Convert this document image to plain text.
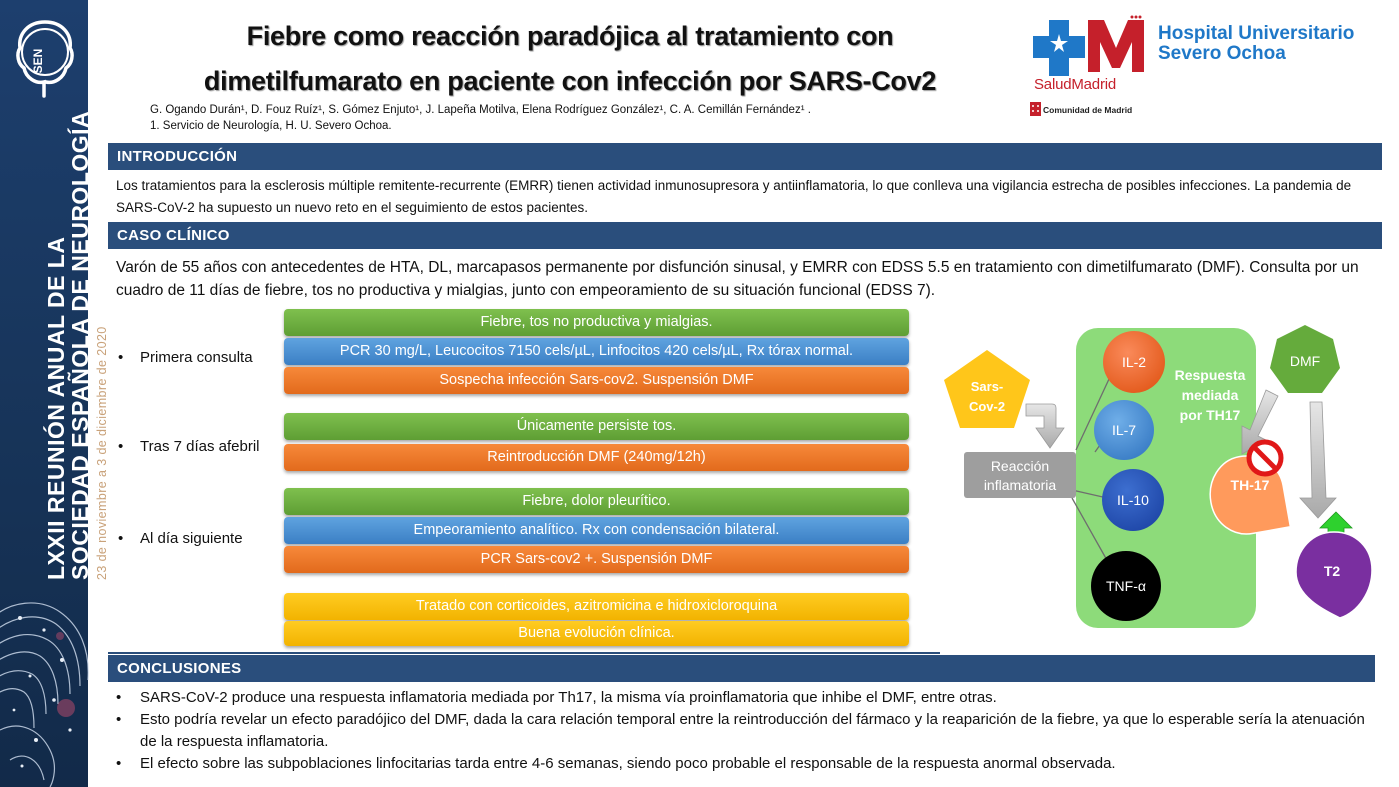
SEN
LXXII REUNIÓN ANUAL DE LA
SOCIEDAD ESPAÑOLA DE NEUROLOGÍA 23 de noviembre a 3 de diciembre de 2020
Fiebre como reacción paradójica al tratamiento con
dimetilfumarato en paciente con infección por SARS-Cov2
G. Ogando Durán¹, D. Fouz Ruíz¹, S. Gómez Enjuto¹, J. Lapeña Motilva, Elena Rodríguez González¹, C. A. Cemillán Fernández¹ .
1. Servicio de Neurología, H. U. Severo Ochoa.
Hospital Universitario
Severo Ochoa
SaludMadrid
Comunidad de Madrid
INTRODUCCIÓN
Los tratamientos para la esclerosis múltiple remitente-recurrente (EMRR) tienen actividad inmunosupresora y antiinflamatoria, lo que conlleva una vigilancia estrecha de posibles infecciones. La pandemia de SARS-CoV-2 ha supuesto un nuevo reto en el seguimiento de estos pacientes.
CASO CLÍNICO
Varón de 55 años con antecedentes de HTA, DL, marcapasos permanente por disfunción sinusal, y EMRR con EDSS 5.5 en tratamiento con dimetilfumarato (DMF). Consulta por un cuadro de 11 días de fiebre, tos no productiva y mialgias, junto con empeoramiento de su situación funcional (EDSS 7).
• Primera consulta
• Tras 7 días afebril
• Al día siguiente
Fiebre, tos no productiva y mialgias.
PCR 30 mg/L, Leucocitos 7150 cels/µL, Linfocitos 420 cels/µL, Rx tórax normal.
Sospecha infección Sars-cov2. Suspensión DMF
Únicamente persiste tos.
Reintroducción DMF (240mg/12h)
Fiebre, dolor pleurítico.
Empeoramiento analítico. Rx con condensación bilateral.
PCR Sars-cov2 +. Suspensión DMF
Tratado con corticoides, azitromicina e hidroxicloroquina
Buena evolución clínica.
IL-2
IL-7
IL-10
TNF-α
Respuesta
mediada
por TH17
Sars-
Cov-2
Reacción
inflamatoria
DMF
TH-17
T2
CONCLUSIONES
• SARS-CoV-2 produce una respuesta inflamatoria mediada por Th17, la misma vía proinflamatoria que inhibe el DMF, entre otras.
• Esto podría revelar un efecto paradójico del DMF, dada la cara relación temporal entre la reintroducción del fármaco y la reaparición de la fiebre, ya que lo esperable sería la atenuación de la respuesta inflamatoria.
• El efecto sobre las subpoblaciones linfocitarias tarda entre 4-6 semanas, siendo poco probable el responsable de la respuesta anormal observada.
